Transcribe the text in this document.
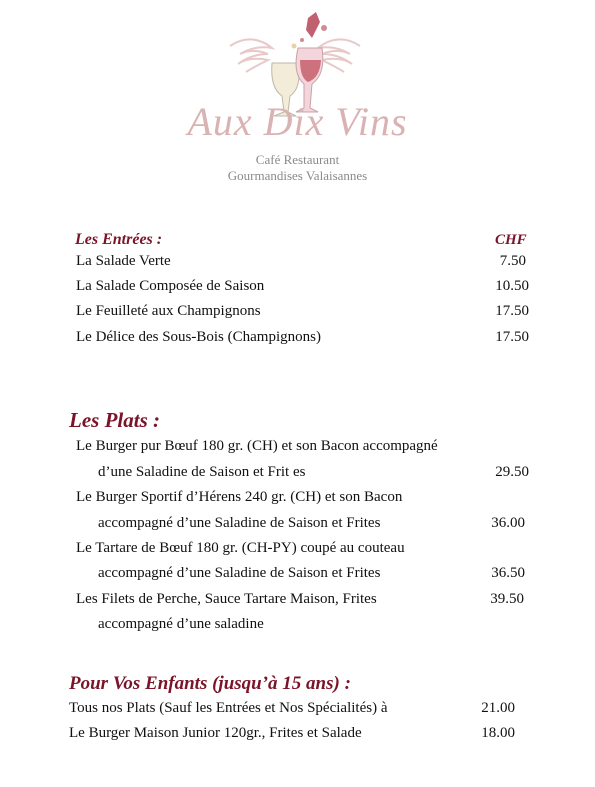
Aux Dix Vins
Café Restaurant
Gourmandises Valaisannes
Les Entrées :	CHF
La Salade Verte	7.50
La Salade Composée de Saison	10.50
Le Feuilleté aux Champignons	17.50
Le Délice des Sous-Bois (Champignons)	17.50
Les Plats :
Le Burger pur Bœuf 180 gr. (CH) et son Bacon accompagné
d’une Saladine de Saison et Frit es	29.50
Le Burger Sportif d’Hérens 240 gr. (CH) et son Bacon
accompagné d’une Saladine de Saison et Frites	36.00
Le Tartare de Bœuf 180 gr. (CH-PY) coupé au couteau
accompagné d’une Saladine de Saison et Frites	36.50
Les Filets de Perche, Sauce Tartare Maison, Frites	39.50
accompagné d’une saladine
Pour Vos Enfants (jusqu’à 15 ans) :
Tous nos Plats (Sauf les Entrées et Nos Spécialités) à	21.00
Le Burger Maison Junior 120gr., Frites et Salade	18.00
